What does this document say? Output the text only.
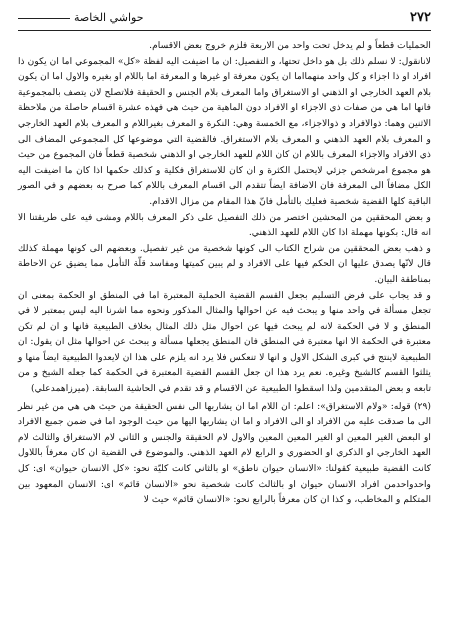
٢٧٢
حواشي الخاصة

الحمليات قطعاً و لم يدخل تحت واحد من الاربعة فلزم خروج بعض الاقسام.

لانانقول: لا نسلم ذلك بل هو داخل تحتها، و التفصيل: ان ما اضيفت اليه لفظة «كل» المجموعي اما ان يكون ذا افراد او ذا اجزاء و كل واحد منهمااما ان يكون معرفة او غيرها و المعرفة اما باللام او بغيره والاول اما ان يكون بلام العهد الخارجي او الذهني او الاستغراق واما المعرف بلام الجنس و الحقيقة فلاتصلح لان يتصف بالمجموعية فانها اما هي من صفات ذي الاجزاء او الافراد دون الماهية من حيث هي فهذه عشرة اقسام حاصلة من ملاحظة الاثنين وهما: ذوالافراد و ذوالاجزاء، مع الخمسة وهي: النكرة و المعرف بغيراللام و المعرف بلام العهد الخارجي و المعرف بلام العهد الذهني و المعرف بلام الاستغراق. فالقضية التي موضوعها كل المجموعي المضاف الى ذي الافراد والاجزاء المعرف باللام ان كان اللام للعهد الخارجي او الذهني شخصية قطعاً فان المجموع من حيث هو مجموع امرشخص جزئي لايحتمل الكثرة و ان كان للاستغراق فكلية و كذلك حكمها اذا كان ما اضيفت اليه الكل مضافاً الى المعرفة فان الاضافة ايضاً تتقدم الى اقسام المعرف باللام كما صرح به بعضهم و في الصور الباقية كلها القضية شخصية فعليك بالتأمل فانّ هذا المقام من مزال الاقدام.

و بعض المحققين من المحشين اختصر من ذلك التفصيل على ذكر المعرف باللام ومشى فيه على طريقتنا الا انه قال: بكونها مهملة اذا كان اللام للعهد الذهني.

و ذهب بعض المحققين من شراح الكتاب الى كونها شخصية من غير تفصيل. وبعضهم الى كونها مهملة كذلك قال لانّها يصدق عليها ان الحكم فيها على الافراد و لم يبين كميتها ومفاسد قلّة التأمل مما يضيق عن الاحاطة بمناطقة البيان.

و قد يجاب على فرض التسليم بجعل القسم القضية الحملية المعتبرة اما في المنطق او الحكمة بمعنى ان تجعل مسألة في واحد منها و يبحث فيه عن احوالها والمثال المذكور ونحوه مما اشرنا اليه ليس بمعتبر لا في المنطق و لا في الحكمة لانه لم يبحث فيها عن احوال مثل ذلك المثال بخلاف الطبيعية فانها و ان لم تكن معتبرة في الحكمة الا انها معتبرة في المنطق فان المنطق يجعلها مسألة و يبحث عن احوالها مثل ان يقول: ان الطبيعية لاينتج في كبرى الشكل الاول و انها لا تنعكس فلا يرد انه يلزم على هذا ان لايعدوا الطبيعية ايضاً منها و يثلثوا القسم كالشيخ وغيره. نعم يرد هذا ان جعل القسم القضية المعتبرة في الحكمة كما جعله الشيخ و من تابعه و بعض المتقدمين ولذا اسقطوا الطبيعية عن الاقسام و قد تقدم في الحاشية السابقة. (ميرزاهمدعلي)

(٢٩) قوله: «ولام الاستغراق»: اعلم: ان اللام اما ان يشاربها الى نفس الحقيقة من حيث هي هي من غير نظر الى ما صدقت عليه من الافراد او الى الافراد و اما ان يشاربها اليها من حيث الوجود اما في ضمن جميع الافراد او البعض الغير المعين او الغير المعين المعين والاول لام الحقيقة والجنس و الثاني لام الاستغراق والثالث لام العهد الخارجي او الذكري او الحضوري و الرابع لام العهد الذهني. والموضوع في القضية ان كان معرفاً باللاول كانت القضية طبيعية كقولنا: «الانسان حيوان ناطق» او بالثاني كانت كليّة نحو: «كل الانسان حيوان» اى: كل واحدواحدمن افراد الانسان حيوان او بالثالث كانت شخصية نحو «الانسان قائم» اى: الانسان المعهود بين المتكلم و المخاطب، و كذا ان كان معرفاً بالرابع نحو: «الانسان قائم» حيث لا
